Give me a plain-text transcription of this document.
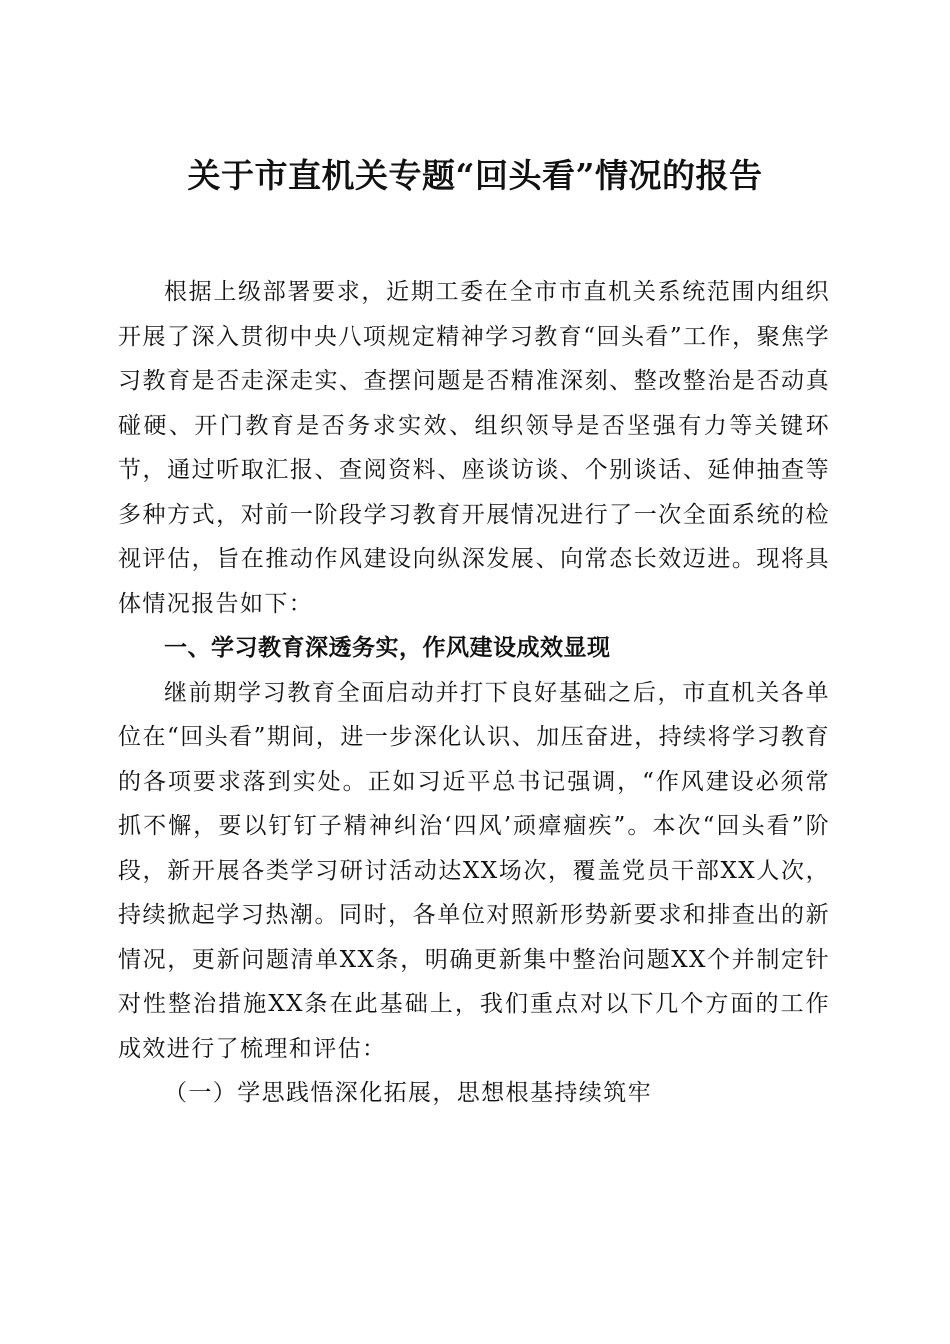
关于市直机关专题“回头看”情况的报告

根据上级部署要求，近期工委在全市市直机关系统范围内组织开展了深入贯彻中央八项规定精神学习教育“回头看”工作，聚焦学习教育是否走深走实、查摆问题是否精准深刻、整改整治是否动真碰硬、开门教育是否务求实效、组织领导是否坚强有力等关键环节，通过听取汇报、查阅资料、座谈访谈、个别谈话、延伸抽查等多种方式，对前一阶段学习教育开展情况进行了一次全面系统的检视评估，旨在推动作风建设向纵深发展、向常态长效迈进。现将具体情况报告如下：

一、学习教育深透务实，作风建设成效显现

继前期学习教育全面启动并打下良好基础之后，市直机关各单位在“回头看”期间，进一步深化认识、加压奋进，持续将学习教育的各项要求落到实处。正如习近平总书记强调，“作风建设必须常抓不懈，要以钉钉子精神纠治‘四风’顽瘴痼疾”。本次“回头看”阶段，新开展各类学习研讨活动达XX场次，覆盖党员干部XX人次，持续掀起学习热潮。同时，各单位对照新形势新要求和排查出的新情况，更新问题清单XX条，明确更新集中整治问题XX个并制定针对性整治措施XX条在此基础上，我们重点对以下几个方面的工作成效进行了梳理和评估：

（一）学思践悟深化拓展，思想根基持续筑牢
